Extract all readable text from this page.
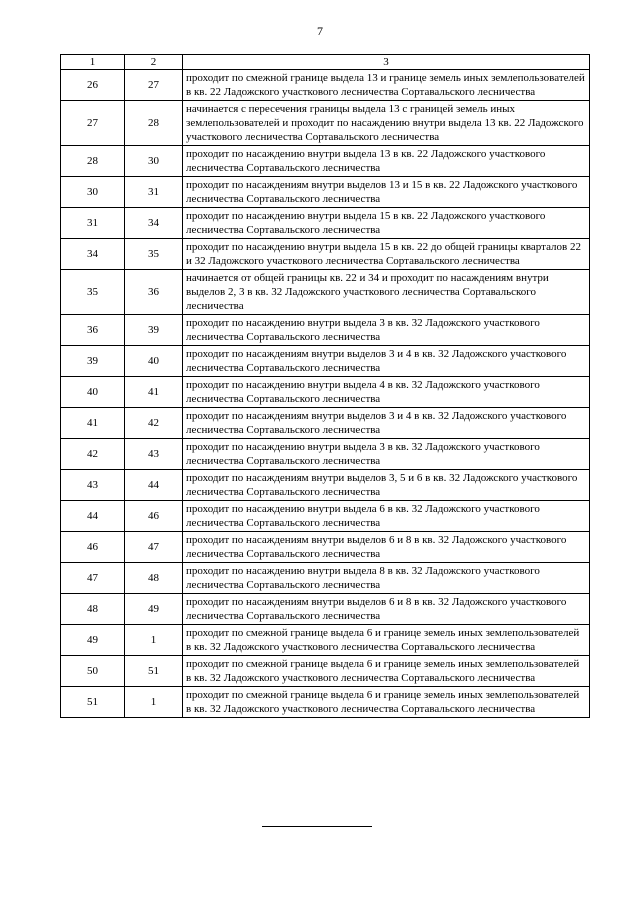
7
1	2	3
26	27	проходит по смежной границе выдела 13 и границе земель иных землепользователей в кв. 22 Ладожского участкового лесничества Сортавальского лесничества
27	28	начинается с пересечения границы выдела 13 с границей земель иных землепользователей и проходит по насаждению внутри выдела 13 кв. 22 Ладожского участкового лесничества Сортавальского лесничества
28	30	проходит по насаждению внутри выдела 13 в кв. 22 Ладожского участкового лесничества Сортавальского лесничества
30	31	проходит по насаждениям внутри выделов 13 и 15 в кв. 22 Ладожского участкового лесничества Сортавальского лесничества
31	34	проходит по насаждению внутри выдела 15 в кв. 22 Ладожского участкового лесничества Сортавальского лесничества
34	35	проходит по насаждению внутри выдела 15 в кв. 22 до общей границы кварталов 22 и 32 Ладожского участкового лесничества Сортавальского лесничества
35	36	начинается от общей границы кв. 22 и 34 и проходит по насаждениям внутри выделов 2, 3 в кв. 32 Ладожского участкового лесничества Сортавальского лесничества
36	39	проходит по насаждению внутри выдела 3 в кв. 32 Ладожского участкового лесничества Сортавальского лесничества
39	40	проходит по насаждениям внутри выделов 3 и 4 в кв. 32 Ладожского участкового лесничества Сортавальского лесничества
40	41	проходит по насаждению внутри выдела 4 в кв. 32 Ладожского участкового лесничества Сортавальского лесничества
41	42	проходит по насаждениям внутри выделов 3 и 4 в кв. 32 Ладожского участкового лесничества Сортавальского лесничества
42	43	проходит по насаждению внутри выдела 3 в кв. 32 Ладожского участкового лесничества Сортавальского лесничества
43	44	проходит по насаждениям внутри выделов 3, 5 и 6 в кв. 32 Ладожского участкового лесничества Сортавальского лесничества
44	46	проходит по насаждению внутри выдела 6 в кв. 32 Ладожского участкового лесничества Сортавальского лесничества
46	47	проходит по насаждениям внутри выделов 6 и 8 в кв. 32 Ладожского участкового лесничества Сортавальского лесничества
47	48	проходит по насаждению внутри выдела 8 в кв. 32 Ладожского участкового лесничества Сортавальского лесничества
48	49	проходит по насаждениям внутри выделов 6 и 8 в кв. 32 Ладожского участкового лесничества Сортавальского лесничества
49	1	проходит по смежной границе выдела 6 и границе земель иных землепользователей в кв. 32 Ладожского участкового лесничества Сортавальского лесничества
50	51	проходит по смежной границе выдела 6 и границе земель иных землепользователей в кв. 32 Ладожского участкового лесничества Сортавальского лесничества
51	1	проходит по смежной границе выдела 6 и границе земель иных землепользователей в кв. 32 Ладожского участкового лесничества Сортавальского лесничества
